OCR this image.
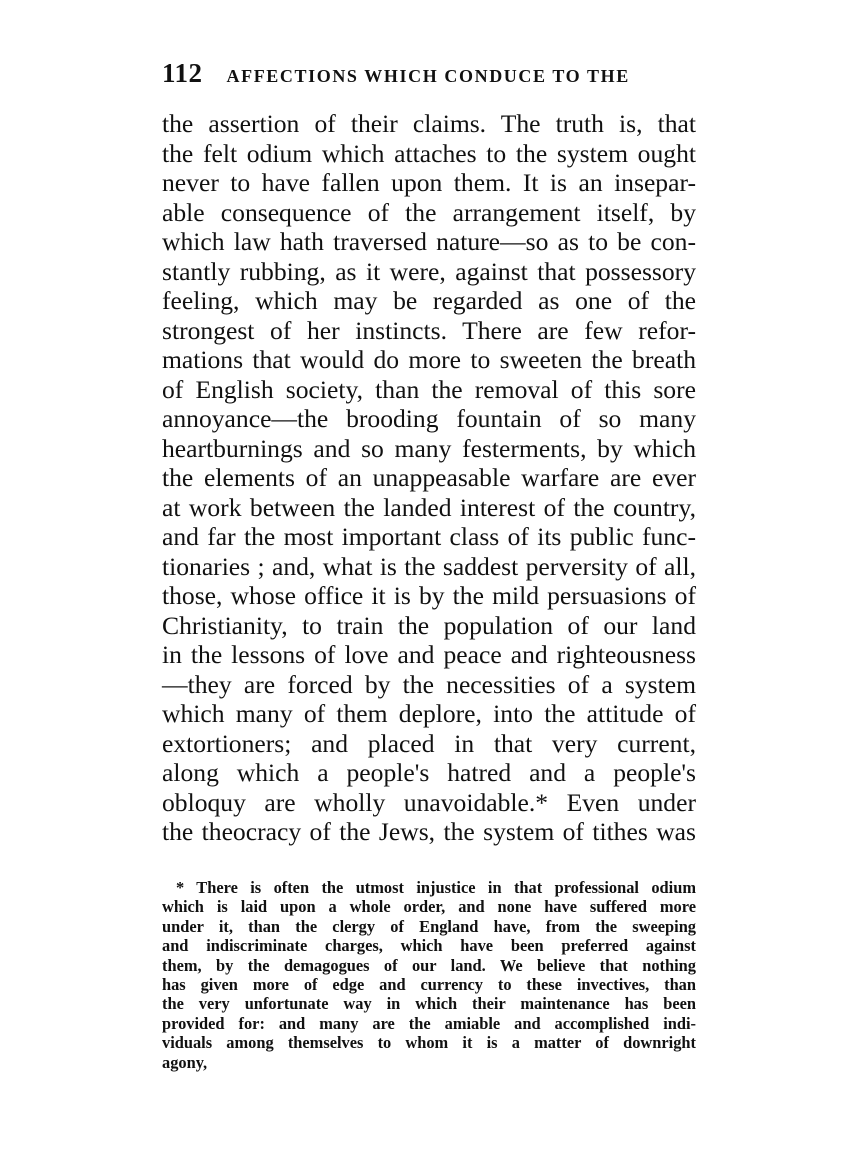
112 AFFECTIONS WHICH CONDUCE TO THE
the assertion of their claims. The truth is, that
the felt odium which attaches to the system ought
never to have fallen upon them. It is an insepar-
able consequence of the arrangement itself, by
which law hath traversed nature—so as to be con-
stantly rubbing, as it were, against that possessory
feeling, which may be regarded as one of the
strongest of her instincts. There are few refor-
mations that would do more to sweeten the breath
of English society, than the removal of this sore
annoyance—the brooding fountain of so many
heartburnings and so many festerments, by which
the elements of an unappeasable warfare are ever
at work between the landed interest of the country,
and far the most important class of its public func-
tionaries ; and, what is the saddest perversity of all,
those, whose office it is by the mild persuasions of
Christianity, to train the population of our land
in the lessons of love and peace and righteousness
—they are forced by the necessities of a system
which many of them deplore, into the attitude of
extortioners; and placed in that very current,
along which a people's hatred and a people's
obloquy are wholly unavoidable.* Even under
the theocracy of the Jews, the system of tithes was
* There is often the utmost injustice in that professional odium
which is laid upon a whole order, and none have suffered more
under it, than the clergy of England have, from the sweeping
and indiscriminate charges, which have been preferred against
them, by the demagogues of our land. We believe that nothing
has given more of edge and currency to these invectives, than
the very unfortunate way in which their maintenance has been
provided for: and many are the amiable and accomplished indi-
viduals among themselves to whom it is a matter of downright
agony,
